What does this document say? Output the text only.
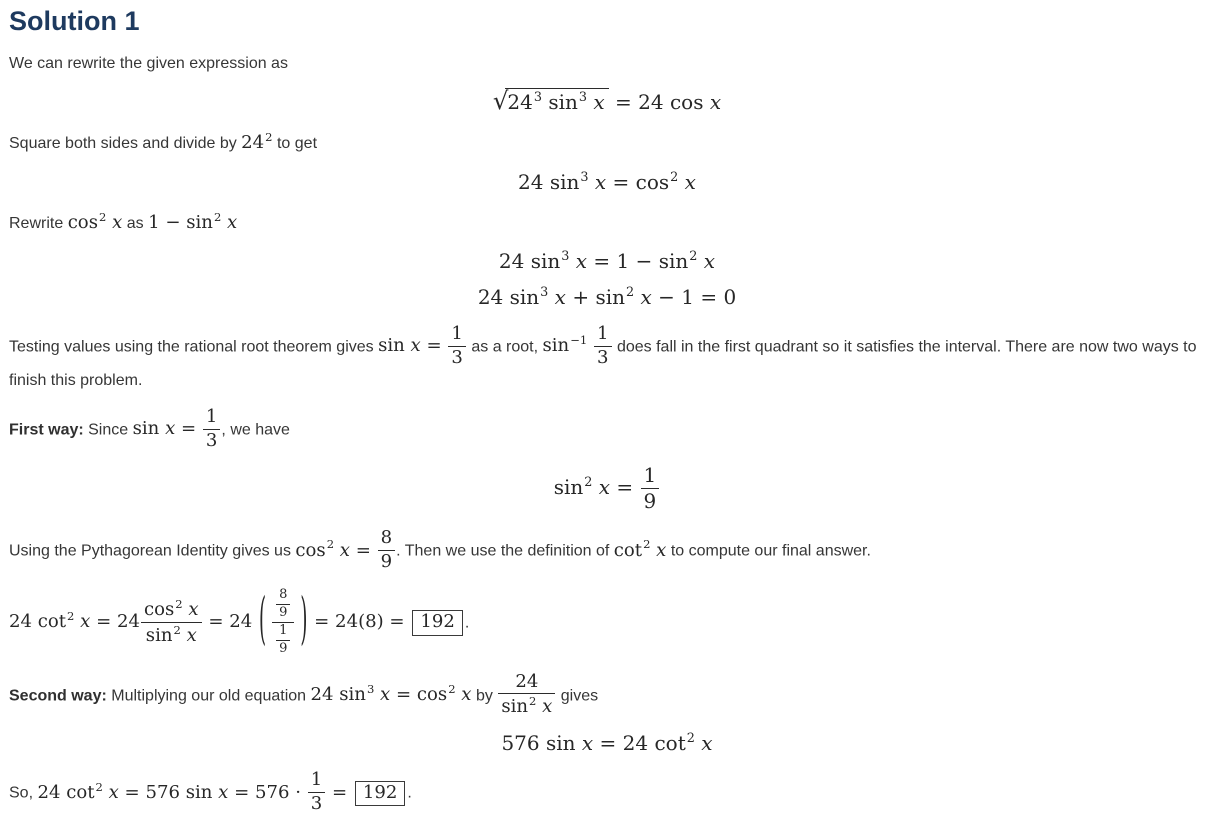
Solution 1

We can rewrite the given expression as

$√24^3$ $\sin^3 x = 24$ cos x

Square both sides and divide by $24^2$ to get

24 $\sin^3 x = \cos^2 x$

Rewrite $\cos^2 x$ as $1 - \sin^2 x$

24 $\sin^3 x = 1 - \sin^2 x$
24 $\sin^3 x + \sin^2 x - 1 = 0$

Testing values using the rational root theorem gives $\sin x = \frac{1}{3}$ as a root, $\sin^{-1} \frac{1}{3}$ does fall in the first quadrant so it satisfies the interval. There are now two ways to finish this problem.

First way: Since $\sin x = \frac{1}{3}$ , we have

$\sin^2 x = \frac{1}{9}$

Using the Pythagorean Identity gives us $\cos^2 x = \frac{8}{9}$ . Then we use the definition of $\cot^2 x$ to compute our final answer.

24 $\cot^2 x = 24 \frac{\cos^2 x}{\sin^2 x} = 24$ ( $\frac{\frac{8}{9}}{\frac{1}{9}}$ ) = 24(8) = 192 .

Second way: Multiplying our old equation 24 $\sin^3 x = \cos^2 x$ by $\frac{24}{\sin^2 x}$ gives

576 sin x = 24 $\cot^2 x$

So, 24 $\cot^2 x = 576$ $\sin x = 576 \cdot \frac{1}{3} = 192$ .
